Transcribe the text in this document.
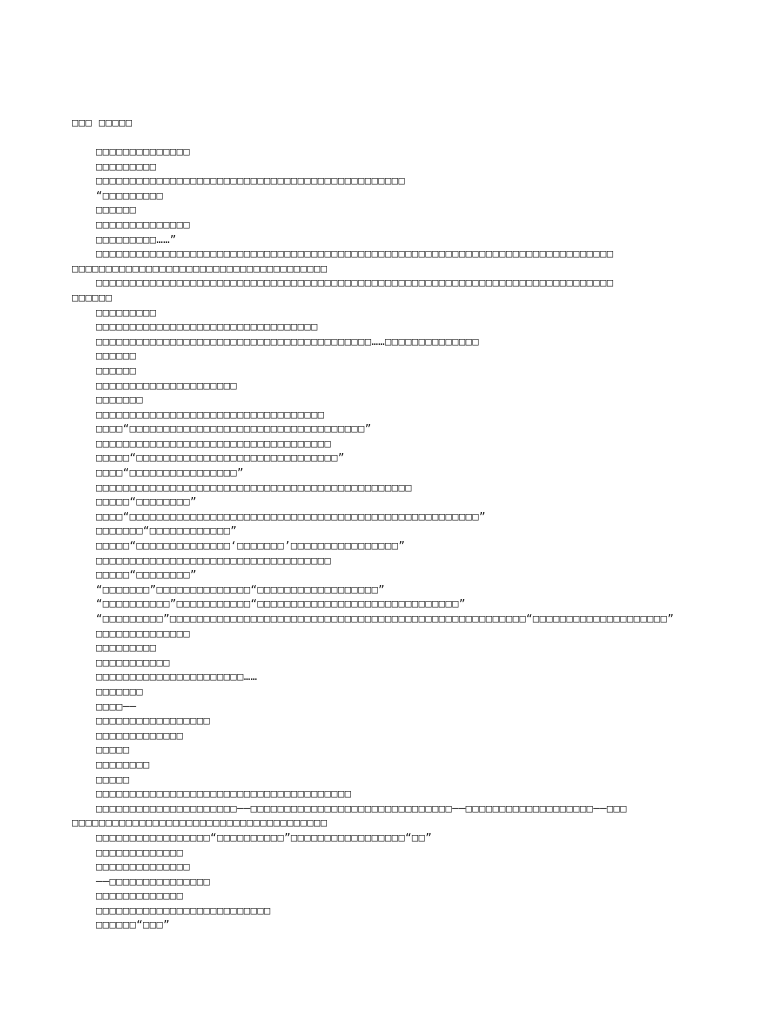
□□□ □□□□□
□□□□□□□□□□□□□□
□□□□□□□□□
□□□□□□□□□□□□□□□□□□□□□□□□□□□□□□□□□□□□□□□□□□□□□□
“□□□□□□□□□
□□□□□□
□□□□□□□□□□□□□□
□□□□□□□□□……”
□□□□□□□□□□□□□□□□□□□□□□□□□□□□□□□□□□□□□□□□□□□□□□□□□□□□□□□□□□□□□□□□□□□□□□□□□□□□□
□□□□□□□□□□□□□□□□□□□□□□□□□□□□□□□□□□□□□□
□□□□□□□□□□□□□□□□□□□□□□□□□□□□□□□□□□□□□□□□□□□□□□□□□□□□□□□□□□□□□□□□□□□□□□□□□□□□□
□□□□□□
□□□□□□□□□
□□□□□□□□□□□□□□□□□□□□□□□□□□□□□□□□□
□□□□□□□□□□□□□□□□□□□□□□□□□□□□□□□□□□□□□□□□□……□□□□□□□□□□□□□□
□□□□□□
□□□□□□
□□□□□□□□□□□□□□□□□□□□□
□□□□□□□
□□□□□□□□□□□□□□□□□□□□□□□□□□□□□□□□□□
□□□□“□□□□□□□□□□□□□□□□□□□□□□□□□□□□□□□□□□□”
□□□□□□□□□□□□□□□□□□□□□□□□□□□□□□□□□□□
□□□□□“□□□□□□□□□□□□□□□□□□□□□□□□□□□□□□”
□□□□“□□□□□□□□□□□□□□□□”
□□□□□□□□□□□□□□□□□□□□□□□□□□□□□□□□□□□□□□□□□□□□□□□
□□□□□“□□□□□□□□”
□□□□“□□□□□□□□□□□□□□□□□□□□□□□□□□□□□□□□□□□□□□□□□□□□□□□□□□□□”
□□□□□□□“□□□□□□□□□□□□”
□□□□□“□□□□□□□□□□□□□□‘□□□□□□□’□□□□□□□□□□□□□□□□”
□□□□□□□□□□□□□□□□□□□□□□□□□□□□□□□□□□□
□□□□□“□□□□□□□□”
“□□□□□□□”□□□□□□□□□□□□□□“□□□□□□□□□□□□□□□□□□”
“□□□□□□□□□□”□□□□□□□□□□□“□□□□□□□□□□□□□□□□□□□□□□□□□□□□□□”
“□□□□□□□□□”□□□□□□□□□□□□□□□□□□□□□□□□□□□□□□□□□□□□□□□□□□□□□□□□□□□□□“□□□□□□□□□□□□□□□□□□□□”
□□□□□□□□□□□□□□
□□□□□□□□□
□□□□□□□□□□□
□□□□□□□□□□□□□□□□□□□□□□……
□□□□□□□
□□□□──
□□□□□□□□□□□□□□□□□
□□□□□□□□□□□□□
□□□□□
□□□□□□□□
□□□□□
□□□□□□□□□□□□□□□□□□□□□□□□□□□□□□□□□□□□□□
□□□□□□□□□□□□□□□□□□□□□──□□□□□□□□□□□□□□□□□□□□□□□□□□□□□□──□□□□□□□□□□□□□□□□□□□──□□□
□□□□□□□□□□□□□□□□□□□□□□□□□□□□□□□□□□□□□□
□□□□□□□□□□□□□□□□□“□□□□□□□□□□”□□□□□□□□□□□□□□□□□“□□”
□□□□□□□□□□□□□
□□□□□□□□□□□□□□
──□□□□□□□□□□□□□□□
□□□□□□□□□□□□□
□□□□□□□□□□□□□□□□□□□□□□□□□□
□□□□□□“□□□”
